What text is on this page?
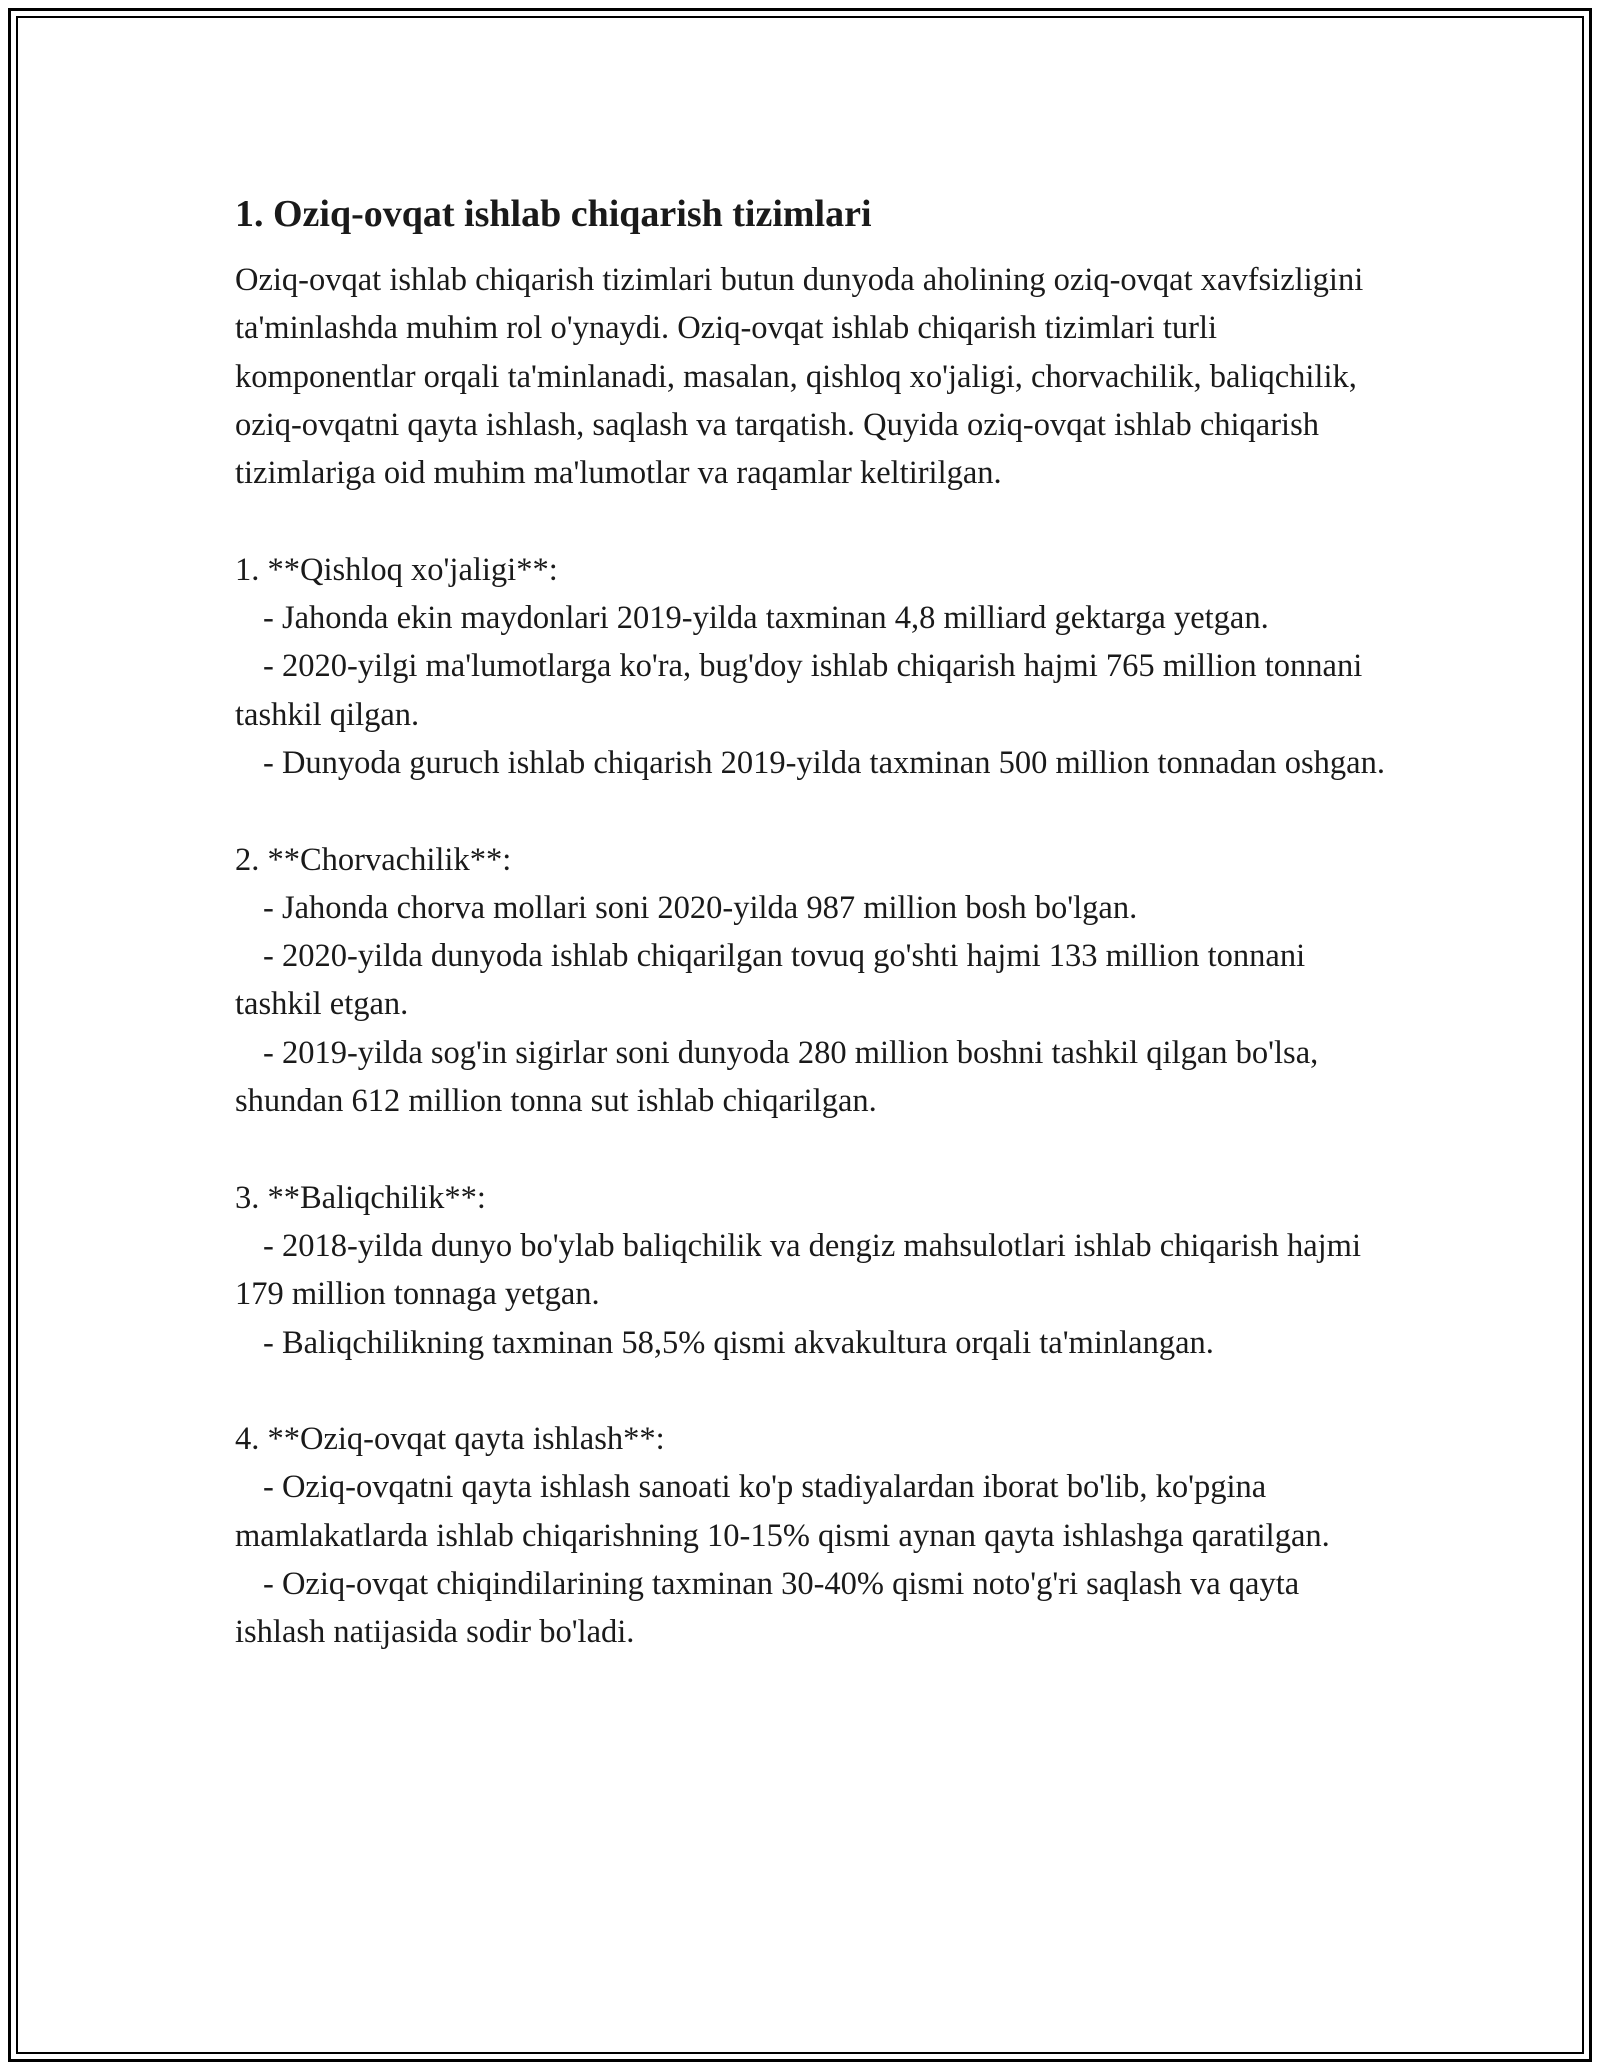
1. Oziq-ovqat ishlab chiqarish tizimlari

Oziq-ovqat ishlab chiqarish tizimlari butun dunyoda aholining oziq-ovqat xavfsizligini ta'minlashda muhim rol o'ynaydi. Oziq-ovqat ishlab chiqarish tizimlari turli komponentlar orqali ta'minlanadi, masalan, qishloq xo'jaligi, chorvachilik, baliqchilik, oziq-ovqatni qayta ishlash, saqlash va tarqatish. Quyida oziq-ovqat ishlab chiqarish tizimlariga oid muhim ma'lumotlar va raqamlar keltirilgan.

1. **Qishloq xo'jaligi**:

- Jahonda ekin maydonlari 2019-yilda taxminan 4,8 milliard gektarga yetgan.

- 2020-yilgi ma'lumotlarga ko'ra, bug'doy ishlab chiqarish hajmi 765 million tonnani tashkil qilgan.

- Dunyoda guruch ishlab chiqarish 2019-yilda taxminan 500 million tonnadan oshgan.

2. **Chorvachilik**:

- Jahonda chorva mollari soni 2020-yilda 987 million bosh bo'lgan.

- 2020-yilda dunyoda ishlab chiqarilgan tovuq go'shti hajmi 133 million tonnani tashkil etgan.

- 2019-yilda sog'in sigirlar soni dunyoda 280 million boshni tashkil qilgan bo'lsa, shundan 612 million tonna sut ishlab chiqarilgan.

3. **Baliqchilik**:

- 2018-yilda dunyo bo'ylab baliqchilik va dengiz mahsulotlari ishlab chiqarish hajmi 179 million tonnaga yetgan.

- Baliqchilikning taxminan 58,5% qismi akvakultura orqali ta'minlangan.

4. **Oziq-ovqat qayta ishlash**:

- Oziq-ovqatni qayta ishlash sanoati ko'p stadiyalardan iborat bo'lib, ko'pgina mamlakatlarda ishlab chiqarishning 10-15% qismi aynan qayta ishlashga qaratilgan.

- Oziq-ovqat chiqindilarining taxminan 30-40% qismi noto'g'ri saqlash va qayta ishlash natijasida sodir bo'ladi.
